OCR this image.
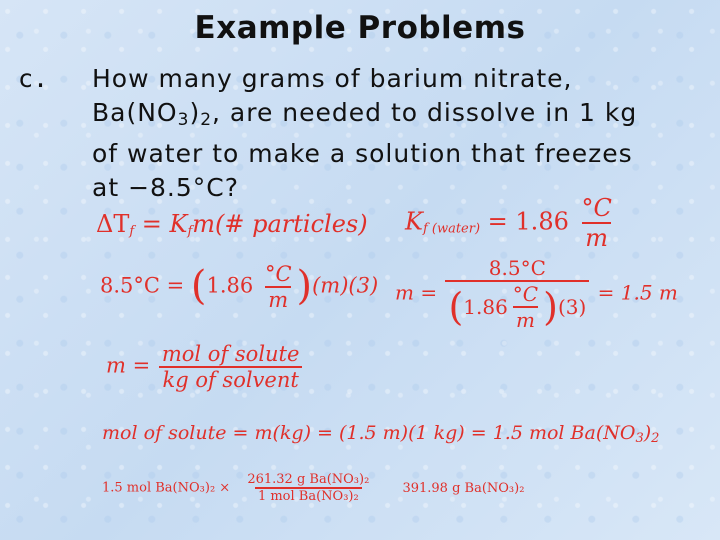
Example Problems
c. How many grams of barium nitrate,
$Ba(NO_3)_2$, are needed to dissolve in 1 kg
of water to make a solution that freezes
at −8.5°C?
$\Delta T_f$ = $K_fm(\#$ particles) $K_{f (water)} = 1.86 \frac{^\circ C}{m}$
$8.5^\circ C = (1.86 \frac{^\circ C}{m} )(m)(3)$ $m = \frac{8.5^\circ C}{( 1.86 \frac{^\circ C}{m} ) (3)} = 1.5$ m
$m = \frac{\text{mol of solute}}{\text{kg of solvent}}$
mol of solute = m(kg) = (1.5 m)(1 kg) = 1.5 mol $Ba(NO_3)_2$
1.5 mol $Ba(NO_3)_2 \times \frac{\text{261.32 g Ba(NO₃)₂}}{\text{1 mol Ba(NO₃)₂}} 391.98$ g Ba(NO₃)₂
